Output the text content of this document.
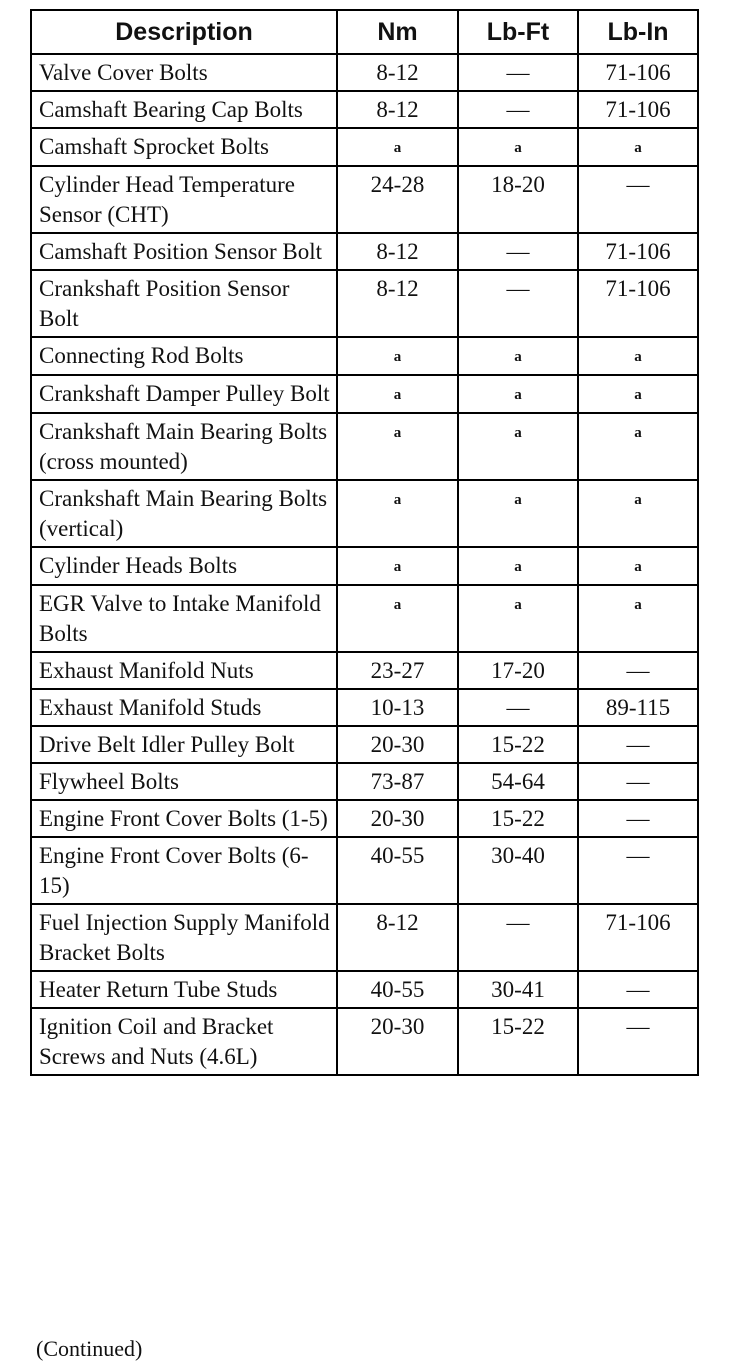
Description	Nm	Lb-Ft	Lb-In
Valve Cover Bolts	8-12	—	71-106
Camshaft Bearing Cap Bolts	8-12	—	71-106
Camshaft Sprocket Bolts	a	a	a
Cylinder Head Temperature Sensor (CHT)	24-28	18-20	—
Camshaft Position Sensor Bolt	8-12	—	71-106
Crankshaft Position Sensor Bolt	8-12	—	71-106
Connecting Rod Bolts	a	a	a
Crankshaft Damper Pulley Bolt	a	a	a
Crankshaft Main Bearing Bolts (cross mounted)	a	a	a
Crankshaft Main Bearing Bolts (vertical)	a	a	a
Cylinder Heads Bolts	a	a	a
EGR Valve to Intake Manifold Bolts	a	a	a
Exhaust Manifold Nuts	23-27	17-20	—
Exhaust Manifold Studs	10-13	—	89-115
Drive Belt Idler Pulley Bolt	20-30	15-22	—
Flywheel Bolts	73-87	54-64	—
Engine Front Cover Bolts (1-5)	20-30	15-22	—
Engine Front Cover Bolts (6-15)	40-55	30-40	—
Fuel Injection Supply Manifold Bracket Bolts	8-12	—	71-106
Heater Return Tube Studs	40-55	30-41	—
Ignition Coil and Bracket Screws and Nuts (4.6L)	20-30	15-22	—
(Continued)
